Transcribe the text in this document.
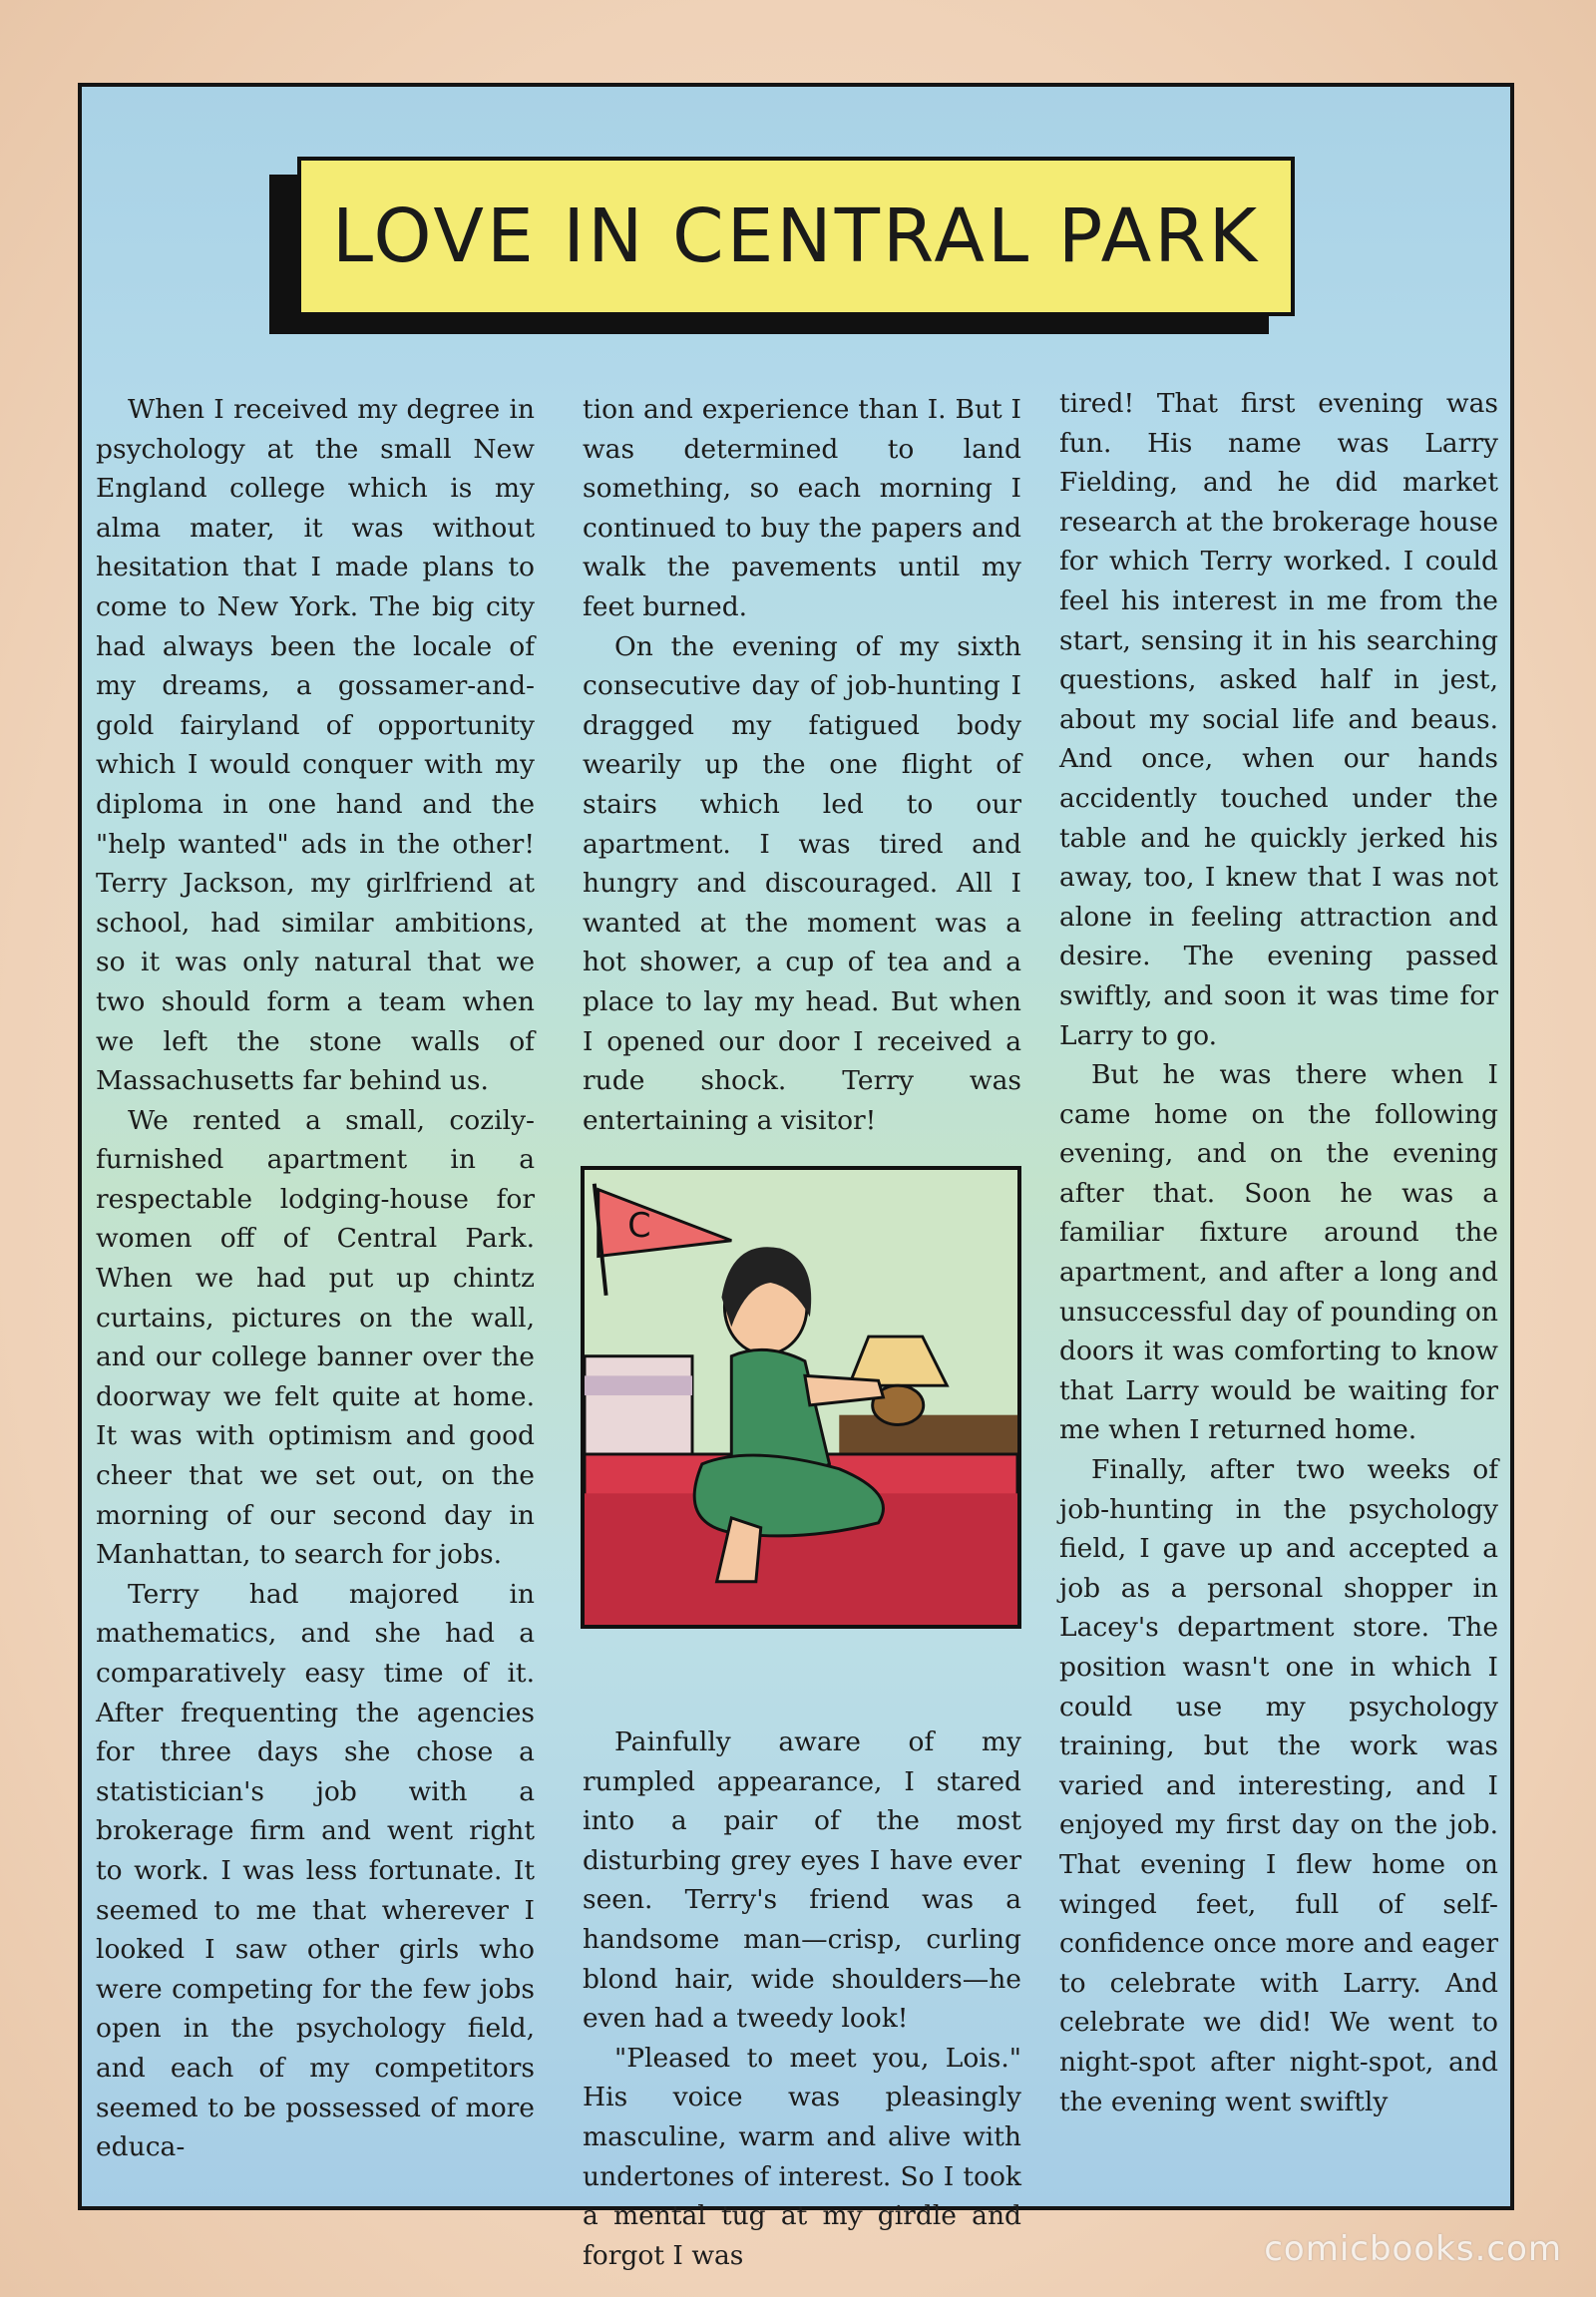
LOVE IN CENTRAL PARK

When I received my degree in psychology at the small New England college which is my alma mater, it was without hesitation that I made plans to come to New York. The big city had always been the locale of my dreams, a gossamer-and-gold fairyland of opportunity which I would conquer with my diploma in one hand and the "help wanted" ads in the other! Terry Jackson, my girlfriend at school, had similar ambitions, so it was only natural that we two should form a team when we left the stone walls of Massachusetts far behind us.

We rented a small, cozily-furnished apartment in a respectable lodging-house for women off of Central Park. When we had put up chintz curtains, pictures on the wall, and our college banner over the doorway we felt quite at home. It was with optimism and good cheer that we set out, on the morning of our second day in Manhattan, to search for jobs.

Terry had majored in mathematics, and she had a comparatively easy time of it. After frequenting the agencies for three days she chose a statistician's job with a brokerage firm and went right to work. I was less fortunate. It seemed to me that wherever I looked I saw other girls who were competing for the few jobs open in the psychology field, and each of my competitors seemed to be possessed of more educa-

tion and experience than I. But I was determined to land something, so each morning I continued to buy the papers and walk the pavements until my feet burned.

On the evening of my sixth consecutive day of job-hunting I dragged my fatigued body wearily up the one flight of stairs which led to our apartment. I was tired and hungry and discouraged. All I wanted at the moment was a hot shower, a cup of tea and a place to lay my head. But when I opened our door I received a rude shock. Terry was entertaining a visitor!

C

Painfully aware of my rumpled appearance, I stared into a pair of the most disturbing grey eyes I have ever seen. Terry's friend was a handsome man—crisp, curling blond hair, wide shoulders—he even had a tweedy look!

"Pleased to meet you, Lois." His voice was pleasingly masculine, warm and alive with undertones of interest. So I took a mental tug at my girdle and forgot I was

tired! That first evening was fun. His name was Larry Fielding, and he did market research at the brokerage house for which Terry worked. I could feel his interest in me from the start, sensing it in his searching questions, asked half in jest, about my social life and beaus. And once, when our hands accidently touched under the table and he quickly jerked his away, too, I knew that I was not alone in feeling attraction and desire. The evening passed swiftly, and soon it was time for Larry to go.

But he was there when I came home on the following evening, and on the evening after that. Soon he was a familiar fixture around the apartment, and after a long and unsuccessful day of pounding on doors it was comforting to know that Larry would be waiting for me when I returned home.

Finally, after two weeks of job-hunting in the psychology field, I gave up and accepted a job as a personal shopper in Lacey's department store. The position wasn't one in which I could use my psychology training, but the work was varied and interesting, and I enjoyed my first day on the job. That evening I flew home on winged feet, full of self-confidence once more and eager to celebrate with Larry. And celebrate we did! We went to night-spot after night-spot, and the evening went swiftly

comicbooks.com
